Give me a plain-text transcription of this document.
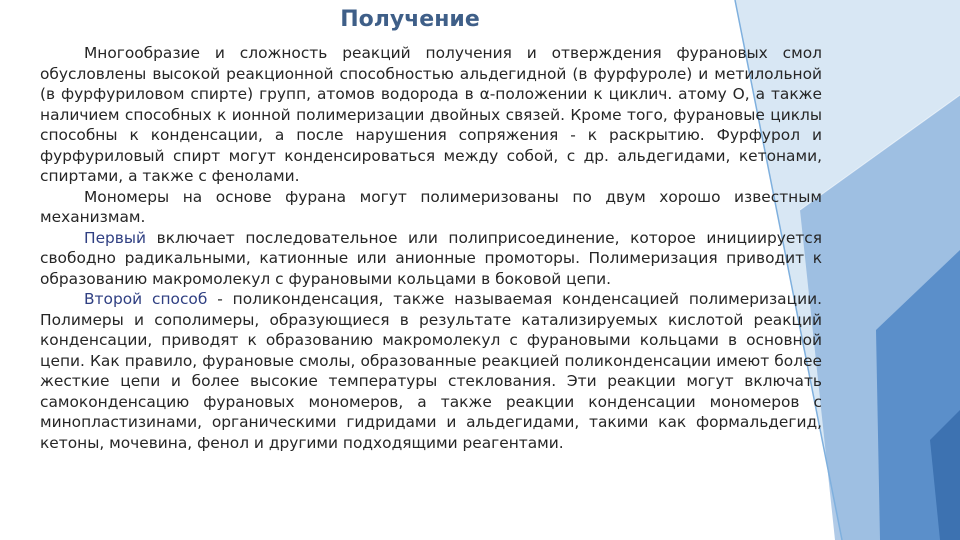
Получение

Многообразие и сложность реакций получения и отверждения фурановых смол обусловлены высокой реакционной способностью альдегидной (в фурфуроле) и метилольной (в фурфуриловом спирте) групп, атомов водорода в α-положении к циклич. атому O, а также наличием способных к ионной полимеризации двойных связей. Кроме того, фурановые циклы способны к конденсации, а после нарушения сопряжения - к раскрытию. Фурфурол и фурфуриловый спирт могут конденсироваться между собой, с др. альдегидами, кетонами, спиртами, а также с фенолами.

Мономеры на основе фурана могут полимеризованы по двум хорошо известным механизмам.

Первый включает последовательное или полиприсоединение, которое инициируется свободно радикальными, катионные или анионные промоторы. Полимеризация приводит к образованию макромолекул с фурановыми кольцами в боковой цепи.

Второй способ - поликонденсация, также называемая конденсацией полимеризации. Полимеры и сополимеры, образующиеся в результате катализируемых кислотой реакций конденсации, приводят к образованию макромолекул с фурановыми кольцами в основной цепи. Как правило, фурановые смолы, образованные реакцией поликонденсации имеют более жесткие цепи и более высокие температуры стеклования. Эти реакции могут включать самоконденсацию фурановых мономеров, а также реакции конденсации мономеров с минопластизинами, органическими гидридами и альдегидами, такими как формальдегид, кетоны, мочевина, фенол и другими подходящими реагентами.
